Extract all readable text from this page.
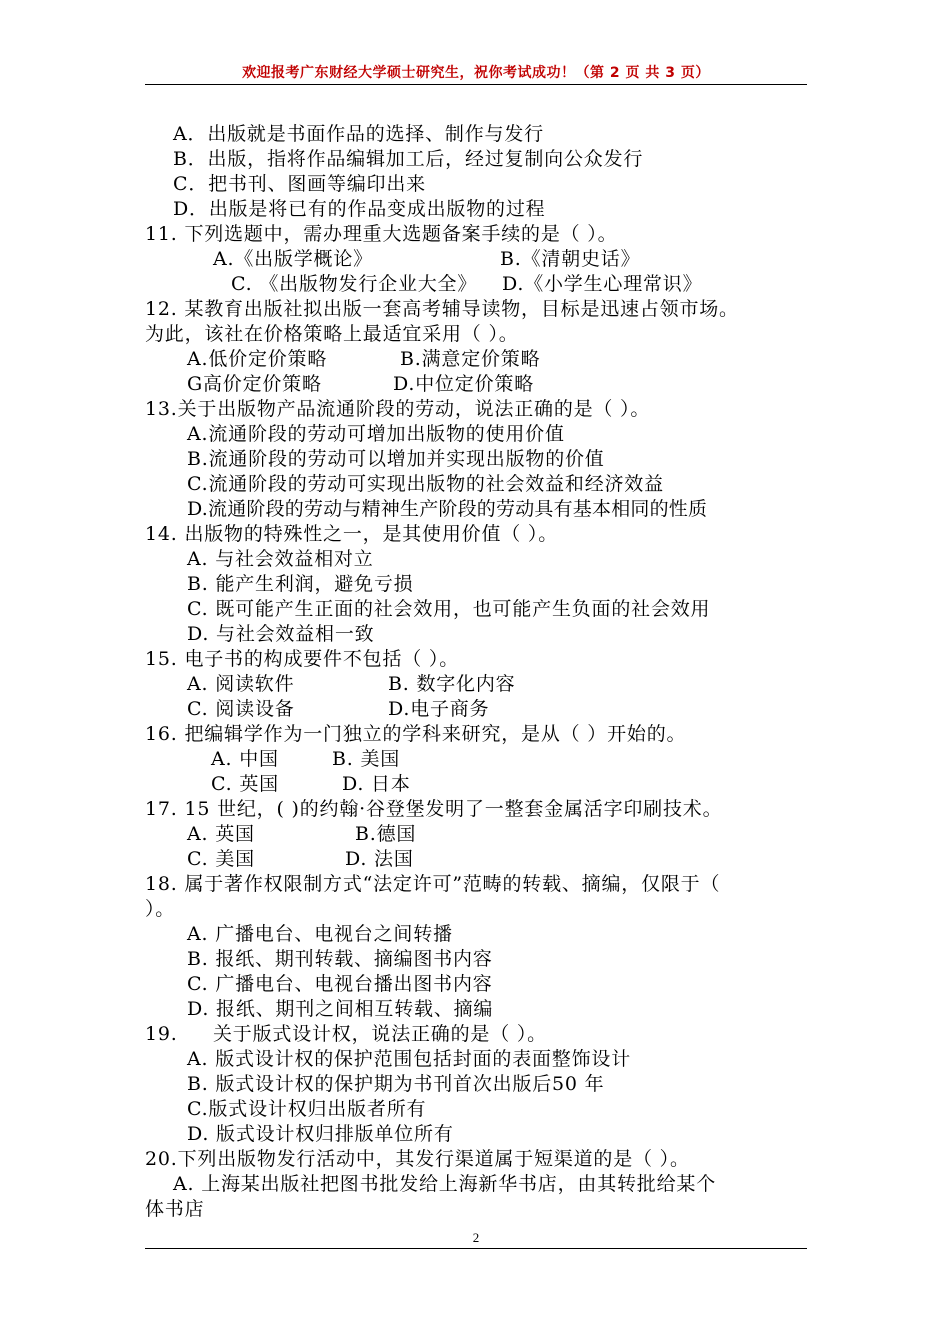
欢迎报考广东财经大学硕士研究生，祝你考试成功！（第 2 页 共 3 页）
A．出版就是书面作品的选择、制作与发行
B．出版，指将作品编辑加工后，经过复制向公众发行
C．把书刊、图画等编印出来
D．出版是将已有的作品变成出版物的过程
11. 下列选题中，需办理重大选题备案手续的是（ ）。
A.《出版学概论》	B.《清朝史话》
C. 《出版物发行企业大全》 D.《小学生心理常识》
12. 某教育出版社拟出版一套高考辅导读物，目标是迅速占领市场。
为此，该社在价格策略上最适宜采用（ ）。
A.低价定价策略	B.满意定价策略
G高价定价策略	D.中位定价策略
13.关于出版物产品流通阶段的劳动，说法正确的是（ ）。
A.流通阶段的劳动可增加出版物的使用价值
B.流通阶段的劳动可以增加并实现出版物的价值
C.流通阶段的劳动可实现出版物的社会效益和经济效益
D.流通阶段的劳动与精神生产阶段的劳动具有基本相同的性质
14. 出版物的特殊性之一，是其使用价值（ ）。
A. 与社会效益相对立
B. 能产生利润，避免亏损
C. 既可能产生正面的社会效用，也可能产生负面的社会效用
D. 与社会效益相一致
15. 电子书的构成要件不包括（ ）。
A. 阅读软件	B. 数字化内容
C. 阅读设备	D.电子商务
16. 把编辑学作为一门独立的学科来研究，是从（ ）开始的。
A. 中国	B. 美国
C. 英国	D. 日本
17. 15 世纪，( )的约翰·谷登堡发明了一整套金属活字印刷技术。
A. 英国	B.德国
C. 美国	D. 法国
18. 属于著作权限制方式“法定许可”范畴的转载、摘编，仅限于（
）。
A. 广播电台、电视台之间转播
B. 报纸、期刊转载、摘编图书内容
C. 广播电台、电视台播出图书内容
D. 报纸、期刊之间相互转载、摘编
19. 关于版式设计权，说法正确的是（ ）。
A. 版式设计权的保护范围包括封面的表面整饰设计
B. 版式设计权的保护期为书刊首次出版后50 年
C.版式设计权归出版者所有
D. 版式设计权归排版单位所有
20.下列出版物发行活动中，其发行渠道属于短渠道的是（ ）。
A. 上海某出版社把图书批发给上海新华书店，由其转批给某个
体书店
2
